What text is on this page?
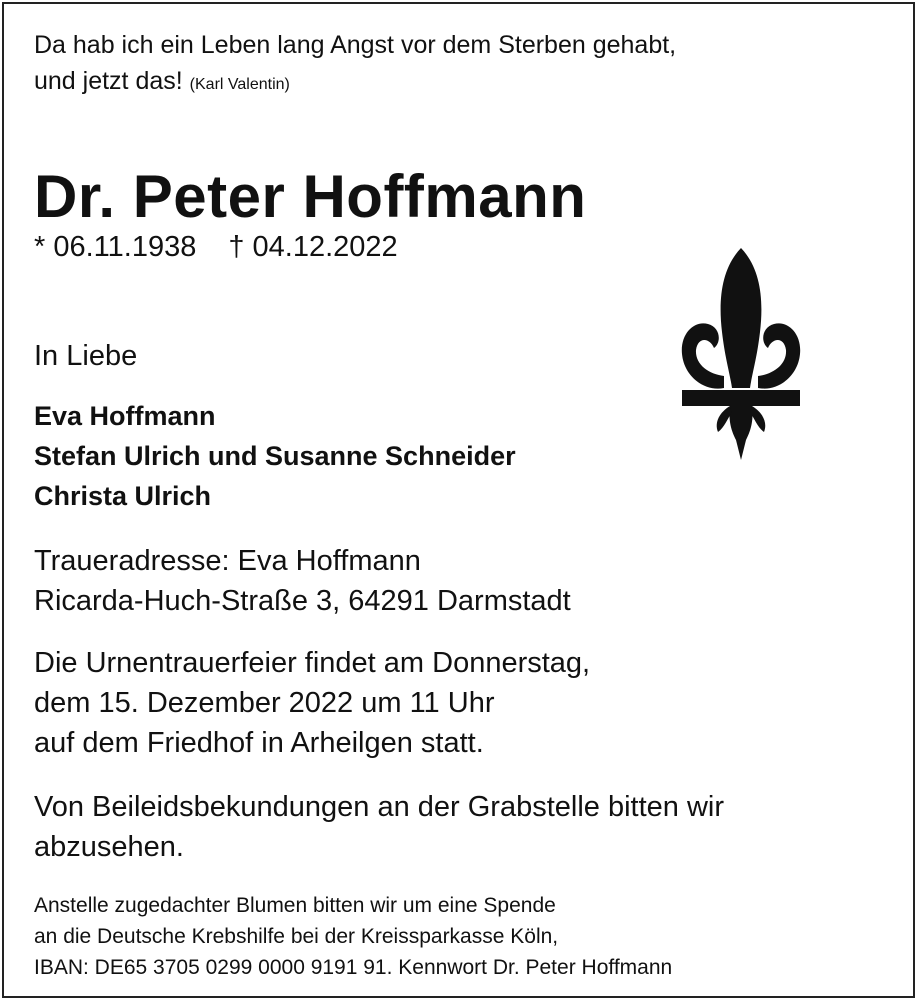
Da hab ich ein Leben lang Angst vor dem Sterben gehabt,
und jetzt das! (Karl Valentin)
Dr. Peter Hoffmann
* 06.11.1938 † 04.12.2022
In Liebe
Eva Hoffmann
Stefan Ulrich und Susanne Schneider
Christa Ulrich
Traueradresse: Eva Hoffmann
Ricarda-Huch-Straße 3, 64291 Darmstadt
Die Urnentrauerfeier findet am Donnerstag,
dem 15. Dezember 2022 um 11 Uhr
auf dem Friedhof in Arheilgen statt.
Von Beileidsbekundungen an der Grabstelle bitten wir
abzusehen.
Anstelle zugedachter Blumen bitten wir um eine Spende
an die Deutsche Krebshilfe bei der Kreissparkasse Köln,
IBAN: DE65 3705 0299 0000 9191 91. Kennwort Dr. Peter Hoffmann
